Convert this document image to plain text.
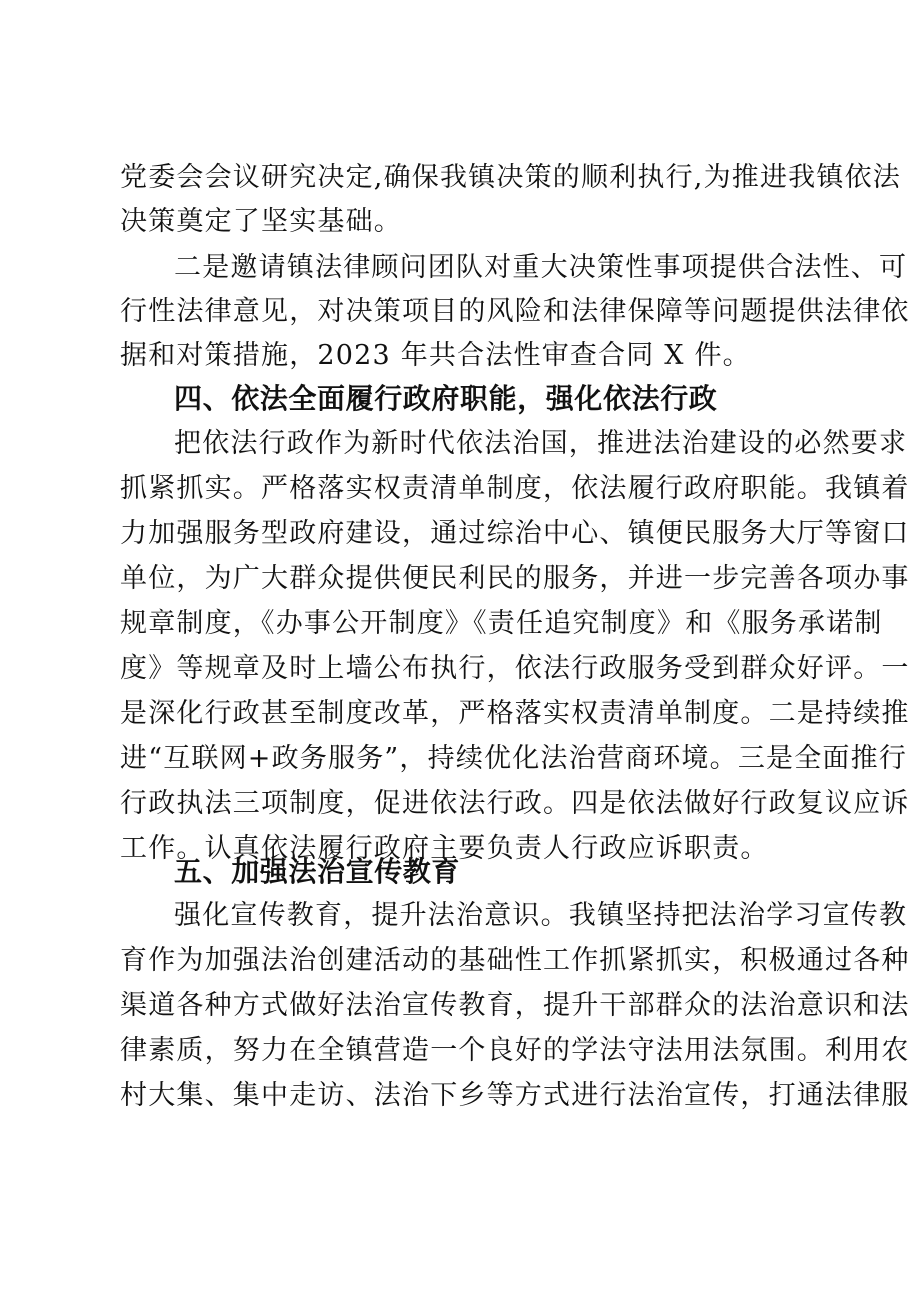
党委会会议研究决定,确保我镇决策的顺利执行,为推进我镇依法
决策奠定了坚实基础。
二是邀请镇法律顾问团队对重大决策性事项提供合法性、可
行性法律意见，对决策项目的风险和法律保障等问题提供法律依
据和对策措施，2023 年共合法性审查合同 X 件。
四、依法全面履行政府职能，强化依法行政
把依法行政作为新时代依法治国，推进法治建设的必然要求
抓紧抓实。严格落实权责清单制度，依法履行政府职能。我镇着
力加强服务型政府建设，通过综治中心、镇便民服务大厅等窗口
单位，为广大群众提供便民利民的服务，并进一步完善各项办事
规章制度，《办事公开制度》《责任追究制度》和《服务承诺制
度》等规章及时上墙公布执行，依法行政服务受到群众好评。一
是深化行政甚至制度改革，严格落实权责清单制度。二是持续推
进“互联网+政务服务”，持续优化法治营商环境。三是全面推行
行政执法三项制度，促进依法行政。四是依法做好行政复议应诉
工作。认真依法履行政府主要负责人行政应诉职责。
五、加强法治宣传教育
强化宣传教育，提升法治意识。我镇坚持把法治学习宣传教
育作为加强法治创建活动的基础性工作抓紧抓实，积极通过各种
渠道各种方式做好法治宣传教育，提升干部群众的法治意识和法
律素质，努力在全镇营造一个良好的学法守法用法氛围。利用农
村大集、集中走访、法治下乡等方式进行法治宣传，打通法律服
